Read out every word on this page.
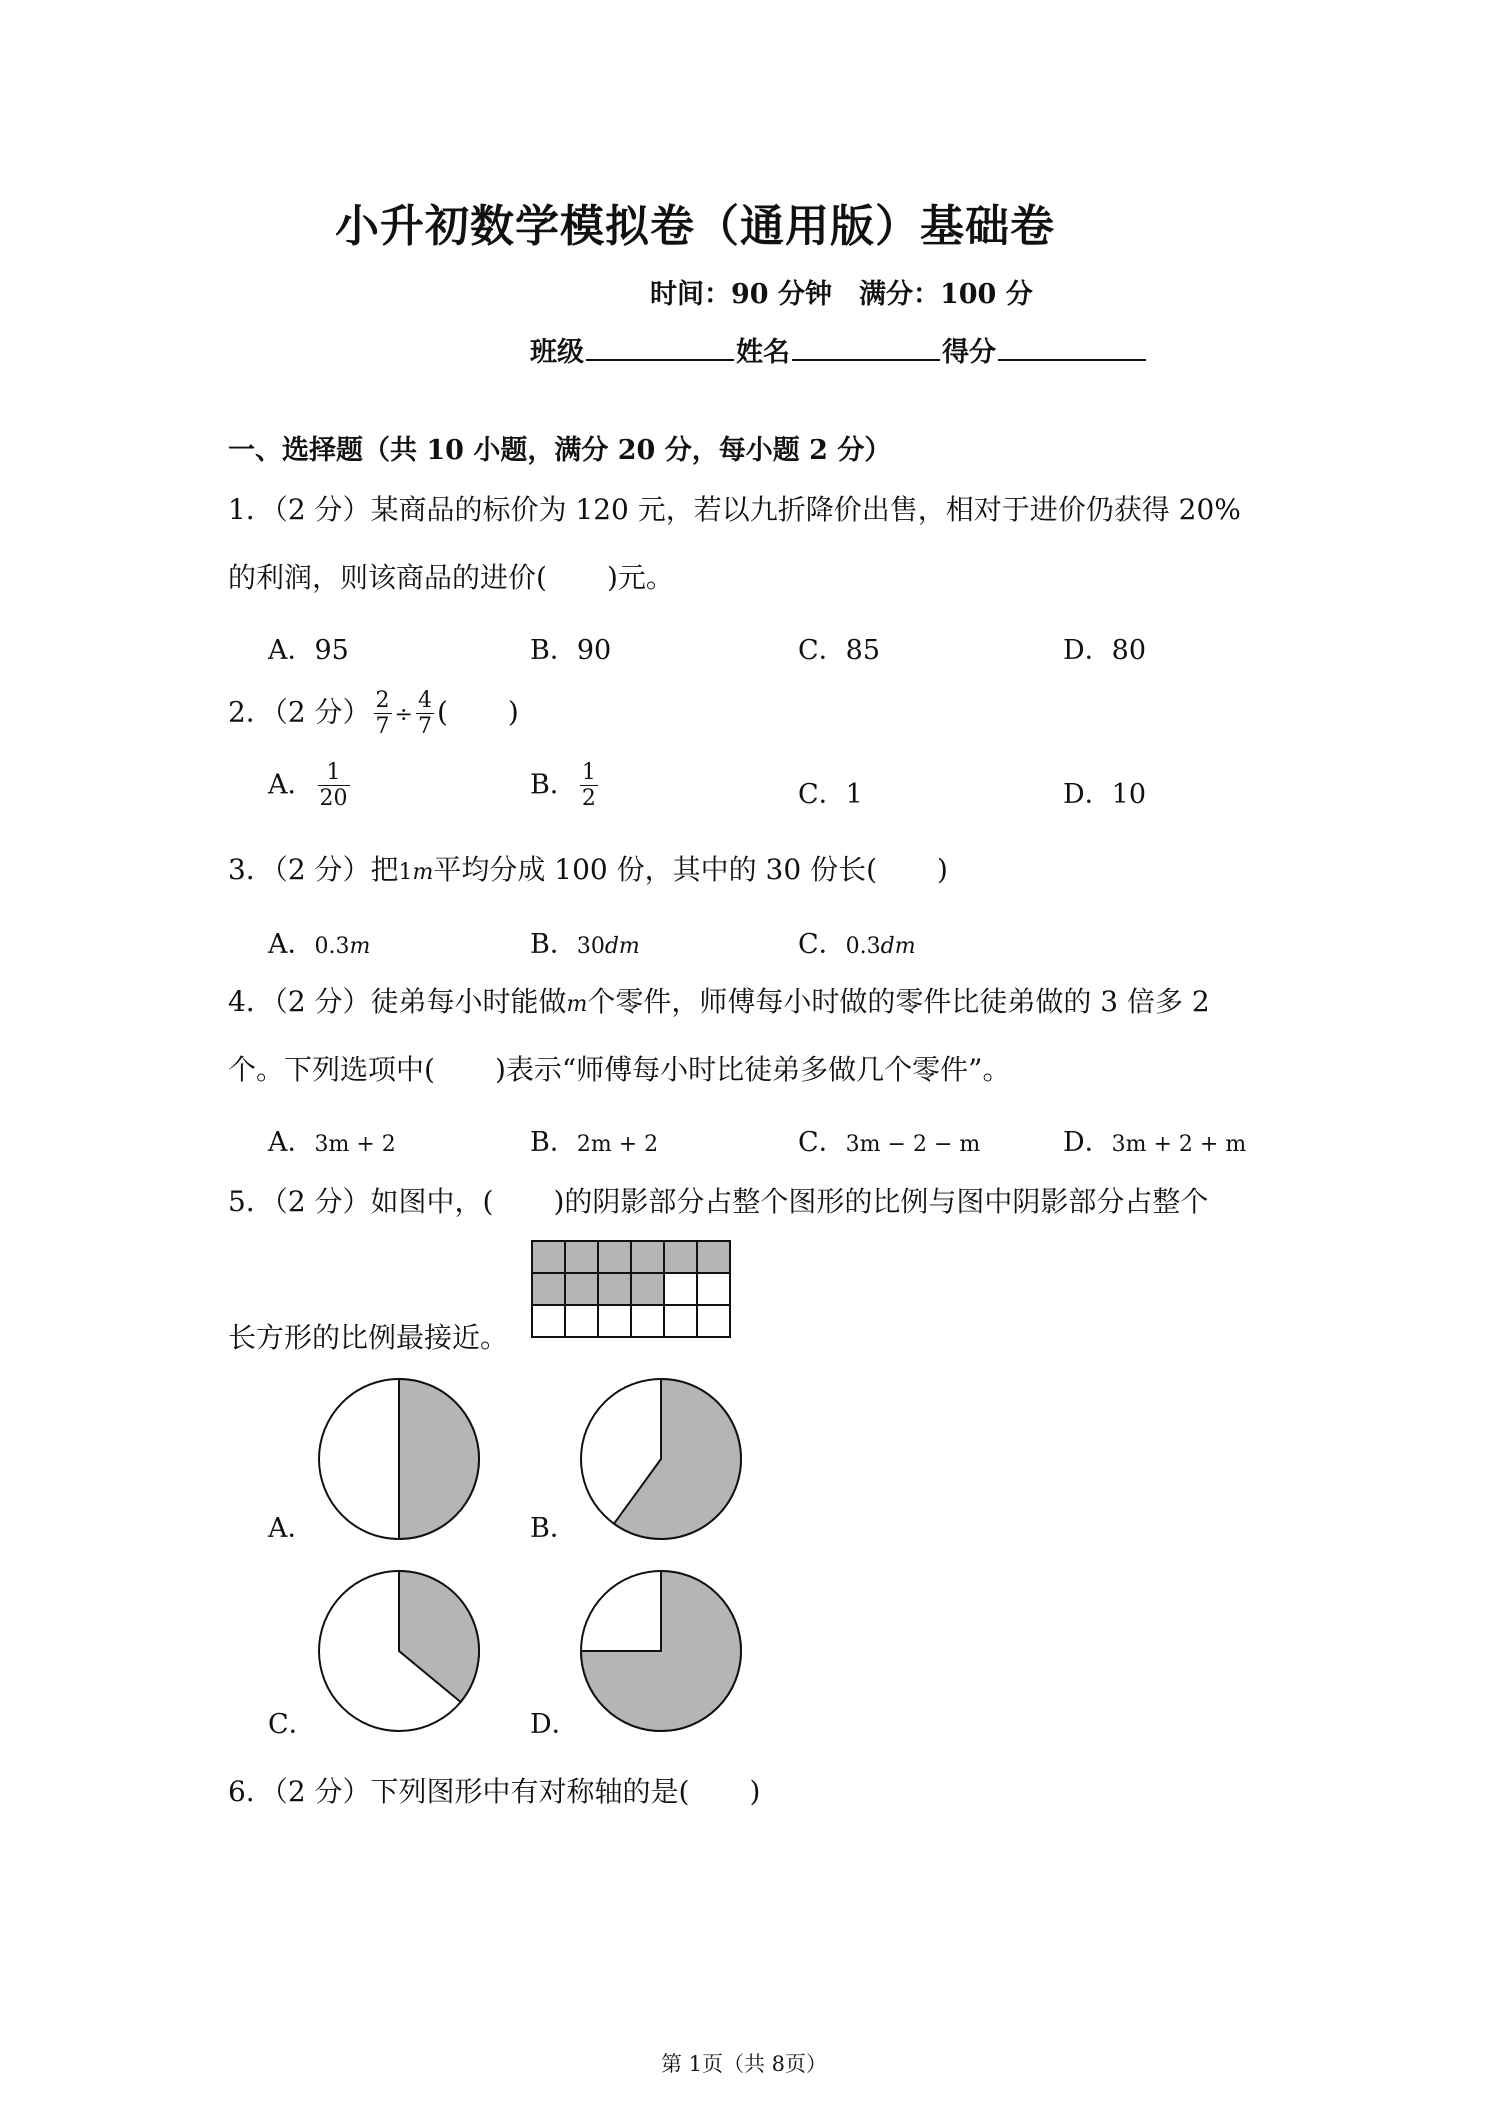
小升初数学模拟卷（通用版）基础卷
时间：90 分钟　满分：100 分
班级	姓名	得分
一、选择题（共 10 小题，满分 20 分，每小题 2 分）
1．（2 分）某商品的标价为 120 元，若以九折降价出售，相对于进价仍获得 20%
的利润，则该商品的进价( )元。
A．95	B．90	C．85	D．80
2．（2 分） $\frac{2}{7} \div \frac{4}{7}$ ( )
A． $\frac{1}{20}$	B． $\frac{1}{2}$	C．1	D．10
3．（2 分）把1m平均分成 100 份，其中的 30 份长( )
A．0.3m	B．30dm	C．0.3dm
4．（2 分）徒弟每小时能做m个零件，师傅每小时做的零件比徒弟做的 3 倍多 2
个。下列选项中( )表示“师傅每小时比徒弟多做几个零件”。
A．3m + 2	B．2m + 2	C．3m − 2 − m	D．3m + 2 + m
5．（2 分）如图中，( )的阴影部分占整个图形的比例与图中阴影部分占整个
长方形的比例最接近。
A．	B．
C．	D．
6．（2 分）下列图形中有对称轴的是( )
第 1页（共 8页）
